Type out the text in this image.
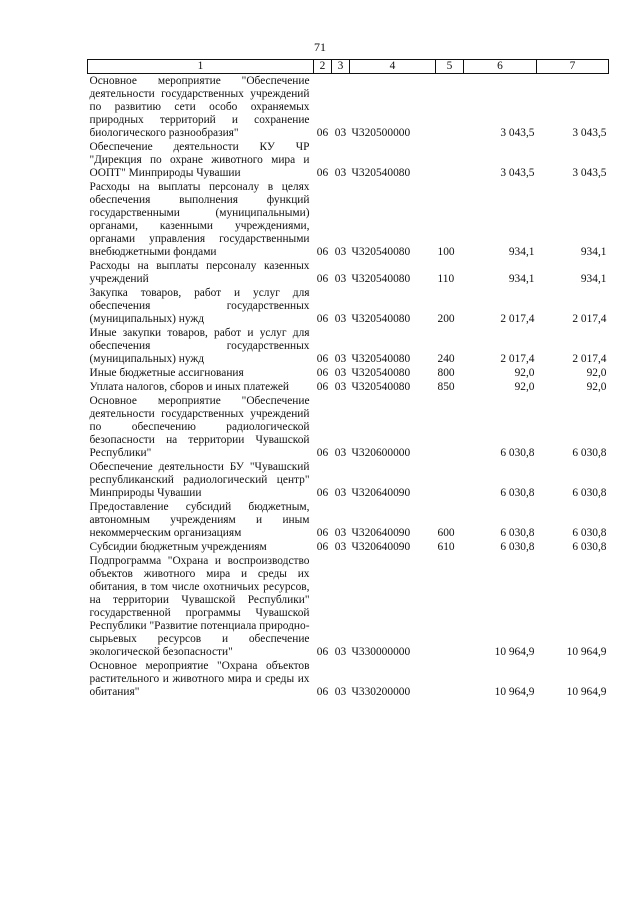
71
1	2	3	4	5	6	7
Основное мероприятие "Обеспечение деятельности государственных учреждений по развитию сети особо охраняемых природных территорий и сохранение биологического разнообразия"	06	03	Ч320500000		3 043,5	3 043,5
Обеспечение деятельности КУ ЧР "Дирекция по охране животного мира и ООПТ" Минприроды Чувашии	06	03	Ч320540080		3 043,5	3 043,5
Расходы на выплаты персоналу в целях обеспечения выполнения функций государственными (муниципальными) органами, казенными учреждениями, органами управления государственными внебюджетными фондами	06	03	Ч320540080	100	934,1	934,1
Расходы на выплаты персоналу казенных учреждений	06	03	Ч320540080	110	934,1	934,1
Закупка товаров, работ и услуг для обеспечения государственных (муниципальных) нужд	06	03	Ч320540080	200	2 017,4	2 017,4
Иные закупки товаров, работ и услуг для обеспечения государственных (муниципальных) нужд	06	03	Ч320540080	240	2 017,4	2 017,4
Иные бюджетные ассигнования	06	03	Ч320540080	800	92,0	92,0
Уплата налогов, сборов и иных платежей	06	03	Ч320540080	850	92,0	92,0
Основное мероприятие "Обеспечение деятельности государственных учреждений по обеспечению радиологической безопасности на территории Чувашской Республики"	06	03	Ч320600000		6 030,8	6 030,8
Обеспечение деятельности БУ "Чувашский республиканский радиологический центр" Минприроды Чувашии	06	03	Ч320640090		6 030,8	6 030,8
Предоставление субсидий бюджетным, автономным учреждениям и иным некоммерческим организациям	06	03	Ч320640090	600	6 030,8	6 030,8
Субсидии бюджетным учреждениям	06	03	Ч320640090	610	6 030,8	6 030,8
Подпрограмма "Охрана и воспроизводство объектов животного мира и среды их обитания, в том числе охотничьих ресурсов, на территории Чувашской Республики" государственной программы Чувашской Республики "Развитие потенциала природно-сырьевых ресурсов и обеспечение экологической безопасности"	06	03	Ч330000000		10 964,9	10 964,9
Основное мероприятие "Охрана объектов растительного и животного мира и среды их обитания"	06	03	Ч330200000		10 964,9	10 964,9
